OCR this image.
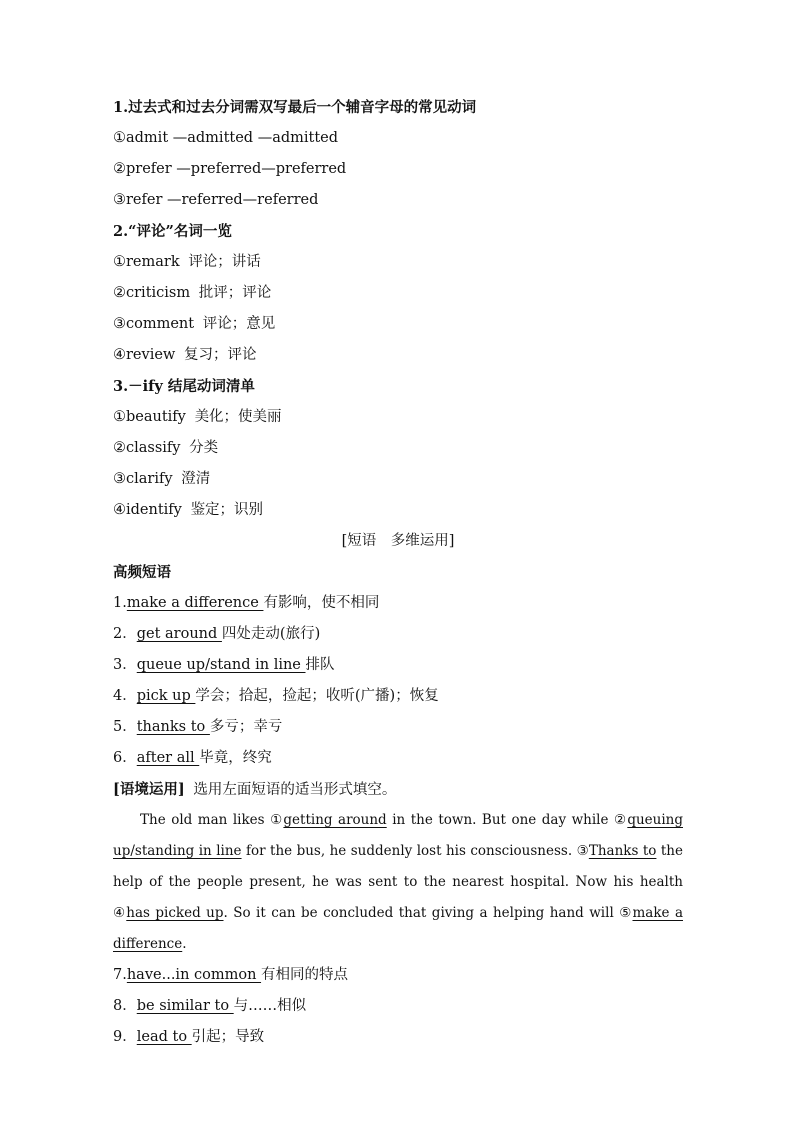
1.过去式和过去分词需双写最后一个辅音字母的常见动词
①admit —admitted —admitted
②prefer —preferred—preferred
③refer —referred—referred
2.“评论”名词一览
①remark 评论；讲话
②criticism 批评；评论
③comment 评论；意见
④review 复习；评论
3.－ify 结尾动词清单
①beautify 美化；使美丽
②classify 分类
③clarify 澄清
④identify 鉴定；识别
[短语　多维运用]
高频短语
1.make a difference 有影响，使不相同
2．get around 四处走动(旅行)
3．queue up/stand in line 排队
4．pick up 学会；拾起，捡起；收听(广播)；恢复
5．thanks to 多亏；幸亏
6．after all 毕竟，终究
[语境运用] 选用左面短语的适当形式填空。
The old man likes ①getting around in the town. But one day while ②queuing up/standing in line for the bus, he suddenly lost his consciousness. ③Thanks to the help of the people present, he was sent to the nearest hospital. Now his health ④has picked up. So it can be concluded that giving a helping hand will ⑤make a difference.
7.have...in common 有相同的特点
8．be similar to 与……相似
9．lead to 引起；导致
